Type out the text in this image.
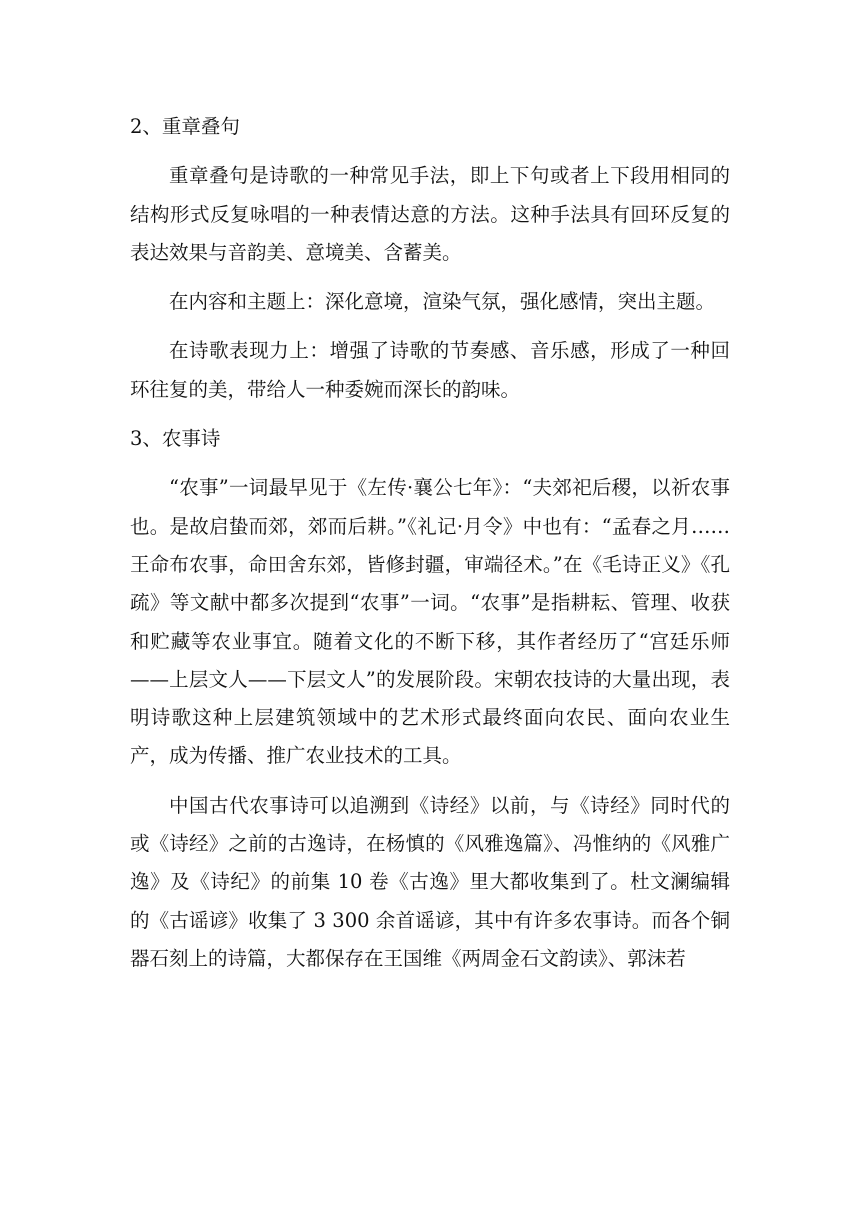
2、重章叠句

重章叠句是诗歌的一种常见手法，即上下句或者上下段用相同的结构形式反复咏唱的一种表情达意的方法。这种手法具有回环反复的表达效果与音韵美、意境美、含蓄美。

在内容和主题上：深化意境，渲染气氛，强化感情，突出主题。

在诗歌表现力上：增强了诗歌的节奏感、音乐感，形成了一种回环往复的美，带给人一种委婉而深长的韵味。

3、农事诗

“农事”一词最早见于《左传·襄公七年》：“夫郊祀后稷，以祈农事也。是故启蛰而郊，郊而后耕。”《礼记·月令》中也有：“孟春之月……王命布农事，命田舍东郊，皆修封疆，审端径术。”在《毛诗正义》《孔疏》等文献中都多次提到“农事”一词。“农事”是指耕耘、管理、收获和贮藏等农业事宜。随着文化的不断下移，其作者经历了“宫廷乐师——上层文人——下层文人”的发展阶段。宋朝农技诗的大量出现，表明诗歌这种上层建筑领域中的艺术形式最终面向农民、面向农业生产，成为传播、推广农业技术的工具。

中国古代农事诗可以追溯到《诗经》以前，与《诗经》同时代的或《诗经》之前的古逸诗，在杨慎的《风雅逸篇》、冯惟纳的《风雅广逸》及《诗纪》的前集 10 卷《古逸》里大都收集到了。杜文澜编辑的《古谣谚》收集了 3 300 余首谣谚，其中有许多农事诗。而各个铜器石刻上的诗篇，大都保存在王国维《两周金石文韵读》、郭沫若
